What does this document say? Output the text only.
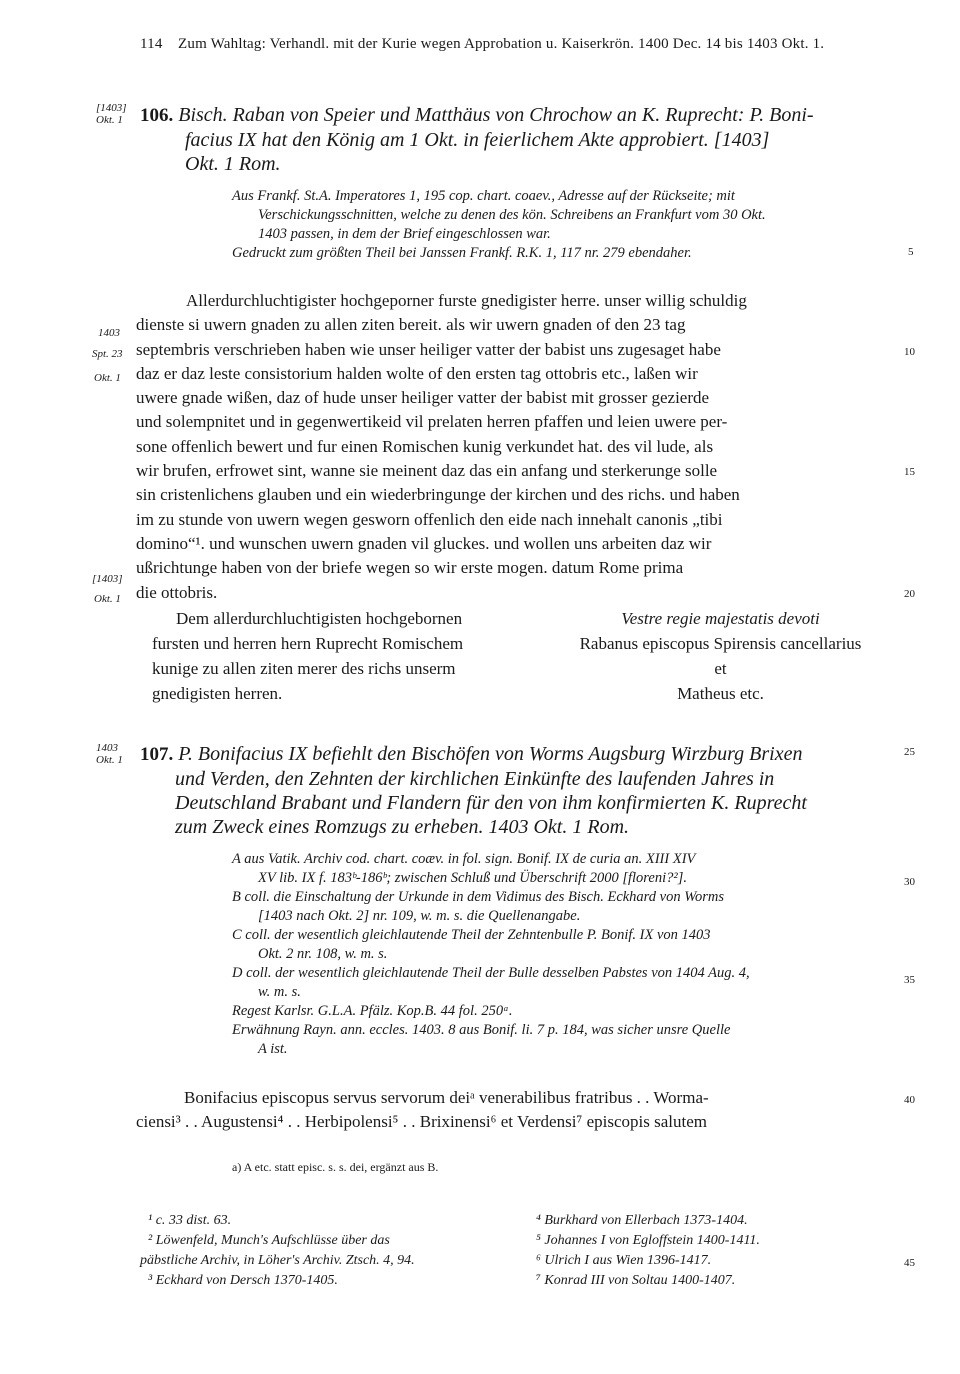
114 Zum Wahltag: Verhandl. mit der Kurie wegen Approbation u. Kaiserkrön. 1400 Dec. 14 bis 1403 Okt. 1.
[1403]
Okt. 1 106. Bisch. Raban von Speier und Matthäus von Chrochow an K. Ruprecht: P. Boni-
facius IX hat den König am 1 Okt. in feierlichem Akte approbiert. [1403]
Okt. 1 Rom.
Aus Frankf. St.A. Imperatores 1, 195 cop. chart. coaev., Adresse auf der Rückseite; mit
Verschickungsschnitten, welche zu denen des kön. Schreibens an Frankfurt vom 30 Okt.
1403 passen, in dem der Brief eingeschlossen war.
Gedruckt zum größten Theil bei Janssen Frankf. R.K. 1, 117 nr. 279 ebendaher.
Allerdurchluchtigister hochgeporner furste gnedigister herre. unser willig schuldig
dienste si uwern gnaden zu allen ziten bereit. als wir uwern gnaden of den 23 tag
septembris verschrieben haben wie unser heiliger vatter der babist uns zugesaget habe
daz er daz leste consistorium halden wolte of den ersten tag ottobris etc., laßen wir
uwere gnade wißen, daz of hude unser heiliger vatter der babist mit grosser gezierde
und solempnitet und in gegenwertikeid vil prelaten herren pfaffen und leien uwere per-
sone offenlich bewert und fur einen Romischen kunig verkundet hat. des vil lude, als
wir brufen, erfrowet sint, wanne sie meinent daz das ein anfang und sterkerunge solle
sin cristenlichens glauben und ein wiederbringunge der kirchen und des richs. und haben
im zu stunde von uwern wegen gesworn offenlich den eide nach innehalt canonis „tibi
domino“¹. und wunschen uwern gnaden vil gluckes. und wollen uns arbeiten daz wir
ußrichtunge haben von der briefe wegen so wir erste mogen. datum Rome prima
die ottobris.
1403
Spt. 23
Okt. 1
[1403]
Okt. 1
Dem allerdurchluchtigisten hochgebornen
fursten und herren hern Ruprecht Romischem
kunige zu allen ziten merer des richs unserm
gnedigisten herren.
Vestre regie majestatis devoti
Rabanus episcopus Spirensis cancellarius
et
Matheus etc.
1403
Okt. 1 107. P. Bonifacius IX befiehlt den Bischöfen von Worms Augsburg Wirzburg Brixen
und Verden, den Zehnten der kirchlichen Einkünfte des laufenden Jahres in
Deutschland Brabant und Flandern für den von ihm konfirmierten K. Ruprecht
zum Zweck eines Romzugs zu erheben. 1403 Okt. 1 Rom.
A aus Vatik. Archiv cod. chart. coæv. in fol. sign. Bonif. IX de curia an. XIII XIV
XV lib. IX f. 183ᵇ-186ᵇ; zwischen Schluß und Überschrift 2000 [floreni?²].
B coll. die Einschaltung der Urkunde in dem Vidimus des Bisch. Eckhard von Worms
[1403 nach Okt. 2] nr. 109, w. m. s. die Quellenangabe.
C coll. der wesentlich gleichlautende Theil der Zehntenbulle P. Bonif. IX von 1403
Okt. 2 nr. 108, w. m. s.
D coll. der wesentlich gleichlautende Theil der Bulle desselben Pabstes von 1404 Aug. 4,
w. m. s.
Regest Karlsr. G.L.A. Pfälz. Kop.B. 44 fol. 250ᵃ.
Erwähnung Rayn. ann. eccles. 1403. 8 aus Bonif. li. 7 p. 184, was sicher unsre Quelle
A ist.
Bonifacius episcopus servus servorum deiᵃ venerabilibus fratribus . . Worma-
ciensi³ . . Augustensi⁴ . . Herbipolensi⁵ . . Brixinensi⁶ et Verdensi⁷ episcopis salutem
a) A etc. statt episc. s. s. dei, ergänzt aus B.
¹ c. 33 dist. 63.
² Löwenfeld, Munch's Aufschlüsse über das
päbstliche Archiv, in Löher's Archiv. Ztsch. 4, 94.
³ Eckhard von Dersch 1370-1405.
⁴ Burkhard von Ellerbach 1373-1404.
⁵ Johannes I von Egloffstein 1400-1411.
⁶ Ulrich I aus Wien 1396-1417.
⁷ Konrad III von Soltau 1400-1407.
5
10
15
20
25
30
35
40
45
